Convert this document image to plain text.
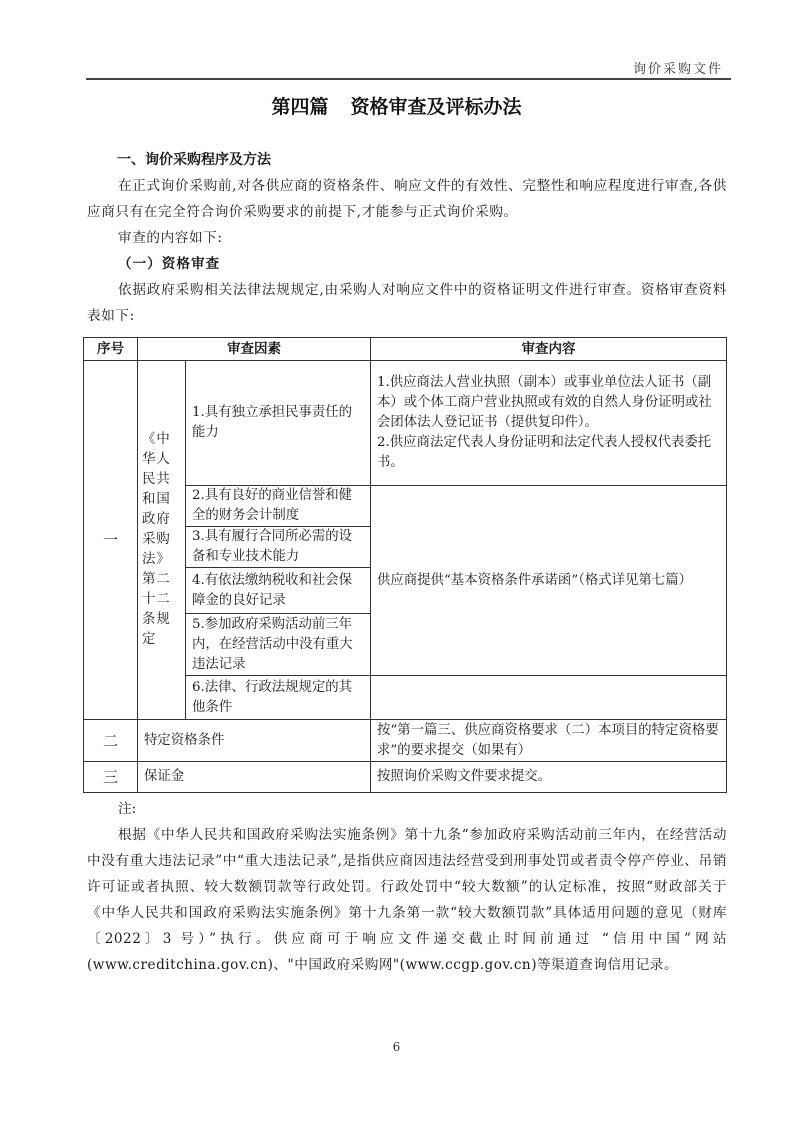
询价采购文件
第四篇 资格审查及评标办法
一、询价采购程序及方法
在正式询价采购前,对各供应商的资格条件、响应文件的有效性、完整性和响应程度进行审查,各供应商只有在完全符合询价采购要求的前提下,才能参与正式询价采购。
审查的内容如下:
（一）资格审查
依据政府采购相关法律法规规定,由采购人对响应文件中的资格证明文件进行审查。资格审查资料表如下:
序号	审查因素		审查内容
一	《中华人民共和国政府采购法》第二十二条规定	1.具有独立承担民事责任的能力	1.供应商法人营业执照（副本）或事业单位法人证书（副本）或个体工商户营业执照或有效的自然人身份证明或社会团体法人登记证书（提供复印件）。
2.供应商法定代表人身份证明和法定代表人授权代表委托书。

		2.具有良好的商业信誉和健全的财务会计制度	供应商提供“基本资格条件承诺函”（格式详见第七篇）
		3.具有履行合同所必需的设备和专业技术能力	
		4.有依法缴纳税收和社会保障金的良好记录	
		5.参加政府采购活动前三年内，在经营活动中没有重大违法记录	
		6.法律、行政法规规定的其他条件	
二	特定资格条件		按“第一篇三、供应商资格要求（二）本项目的特定资格要求”的要求提交（如果有）
三	保证金		按照询价采购文件要求提交。
注:
根据《中华人民共和国政府采购法实施条例》第十九条“参加政府采购活动前三年内，在经营活动中没有重大违法记录”中“重大违法记录”,是指供应商因违法经营受到刑事处罚或者责令停产停业、吊销许可证或者执照、较大数额罚款等行政处罚。行政处罚中“较大数额”的认定标准，按照“财政部关于《中华人民共和国政府采购法实施条例》第十九条第一款“较大数额罚款”具体适用问题的意见（财库〔2022〕3 号）”执行。供应商可于响应文件递交截止时间前通过 “信用中国”网站(www.creditchina.gov.cn)、"中国政府采购网"(www.ccgp.gov.cn)等渠道查询信用记录。
6
